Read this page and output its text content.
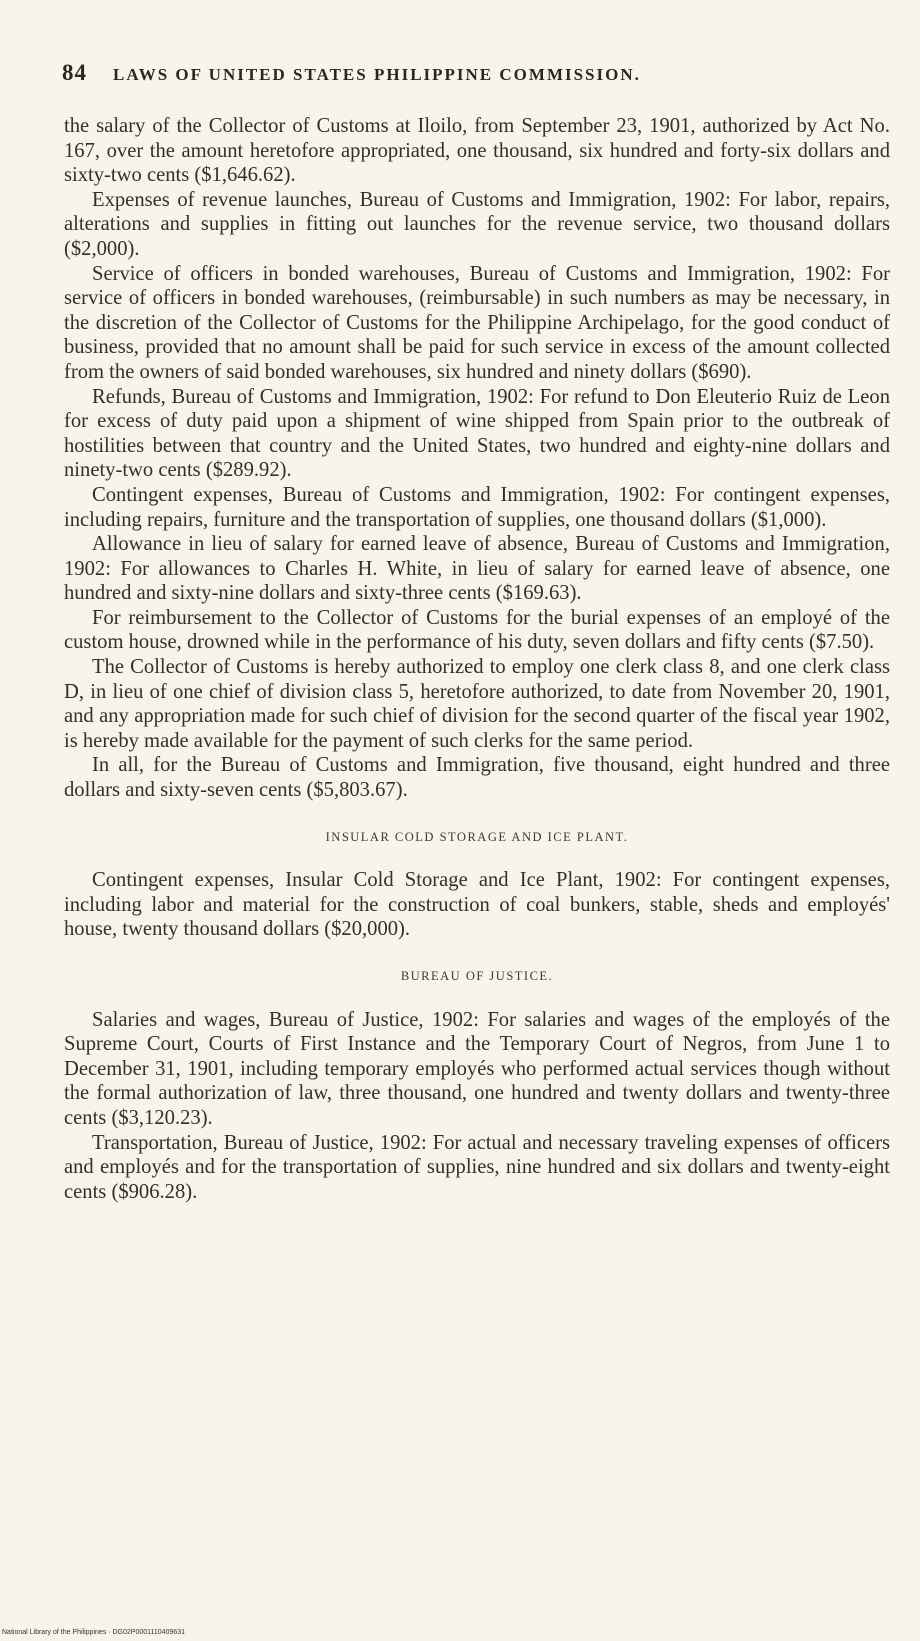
84 LAWS OF UNITED STATES PHILIPPINE COMMISSION.

the salary of the Collector of Customs at Iloilo, from September 23, 1901, authorized by Act No. 167, over the amount heretofore appropriated, one thousand, six hundred and forty-six dollars and sixty-two cents ($1,646.62).

Expenses of revenue launches, Bureau of Customs and Immigration, 1902: For labor, repairs, alterations and supplies in fitting out launches for the revenue service, two thousand dollars ($2,000).

Service of officers in bonded warehouses, Bureau of Customs and Immigration, 1902: For service of officers in bonded warehouses, (reimbursable) in such numbers as may be necessary, in the discretion of the Collector of Customs for the Philippine Archipelago, for the good conduct of business, provided that no amount shall be paid for such service in excess of the amount collected from the owners of said bonded warehouses, six hundred and ninety dollars ($690).

Refunds, Bureau of Customs and Immigration, 1902: For refund to Don Eleuterio Ruiz de Leon for excess of duty paid upon a shipment of wine shipped from Spain prior to the outbreak of hostilities between that country and the United States, two hundred and eighty-nine dollars and ninety-two cents ($289.92).

Contingent expenses, Bureau of Customs and Immigration, 1902: For contingent expenses, including repairs, furniture and the transportation of supplies, one thousand dollars ($1,000).

Allowance in lieu of salary for earned leave of absence, Bureau of Customs and Immigration, 1902: For allowances to Charles H. White, in lieu of salary for earned leave of absence, one hundred and sixty-nine dollars and sixty-three cents ($169.63).

For reimbursement to the Collector of Customs for the burial expenses of an employé of the custom house, drowned while in the performance of his duty, seven dollars and fifty cents ($7.50).

The Collector of Customs is hereby authorized to employ one clerk class 8, and one clerk class D, in lieu of one chief of division class 5, heretofore authorized, to date from November 20, 1901, and any appropriation made for such chief of division for the second quarter of the fiscal year 1902, is hereby made available for the payment of such clerks for the same period.

In all, for the Bureau of Customs and Immigration, five thousand, eight hundred and three dollars and sixty-seven cents ($5,803.67).

INSULAR COLD STORAGE AND ICE PLANT.

Contingent expenses, Insular Cold Storage and Ice Plant, 1902: For contingent expenses, including labor and material for the construction of coal bunkers, stable, sheds and employés' house, twenty thousand dollars ($20,000).

BUREAU OF JUSTICE.

Salaries and wages, Bureau of Justice, 1902: For salaries and wages of the employés of the Supreme Court, Courts of First Instance and the Temporary Court of Negros, from June 1 to December 31, 1901, including temporary employés who performed actual services though without the formal authorization of law, three thousand, one hundred and twenty dollars and twenty-three cents ($3,120.23).

Transportation, Bureau of Justice, 1902: For actual and necessary traveling expenses of officers and employés and for the transportation of supplies, nine hundred and six dollars and twenty-eight cents ($906.28).

National Library of the Philippines · DG02P0001110409631
